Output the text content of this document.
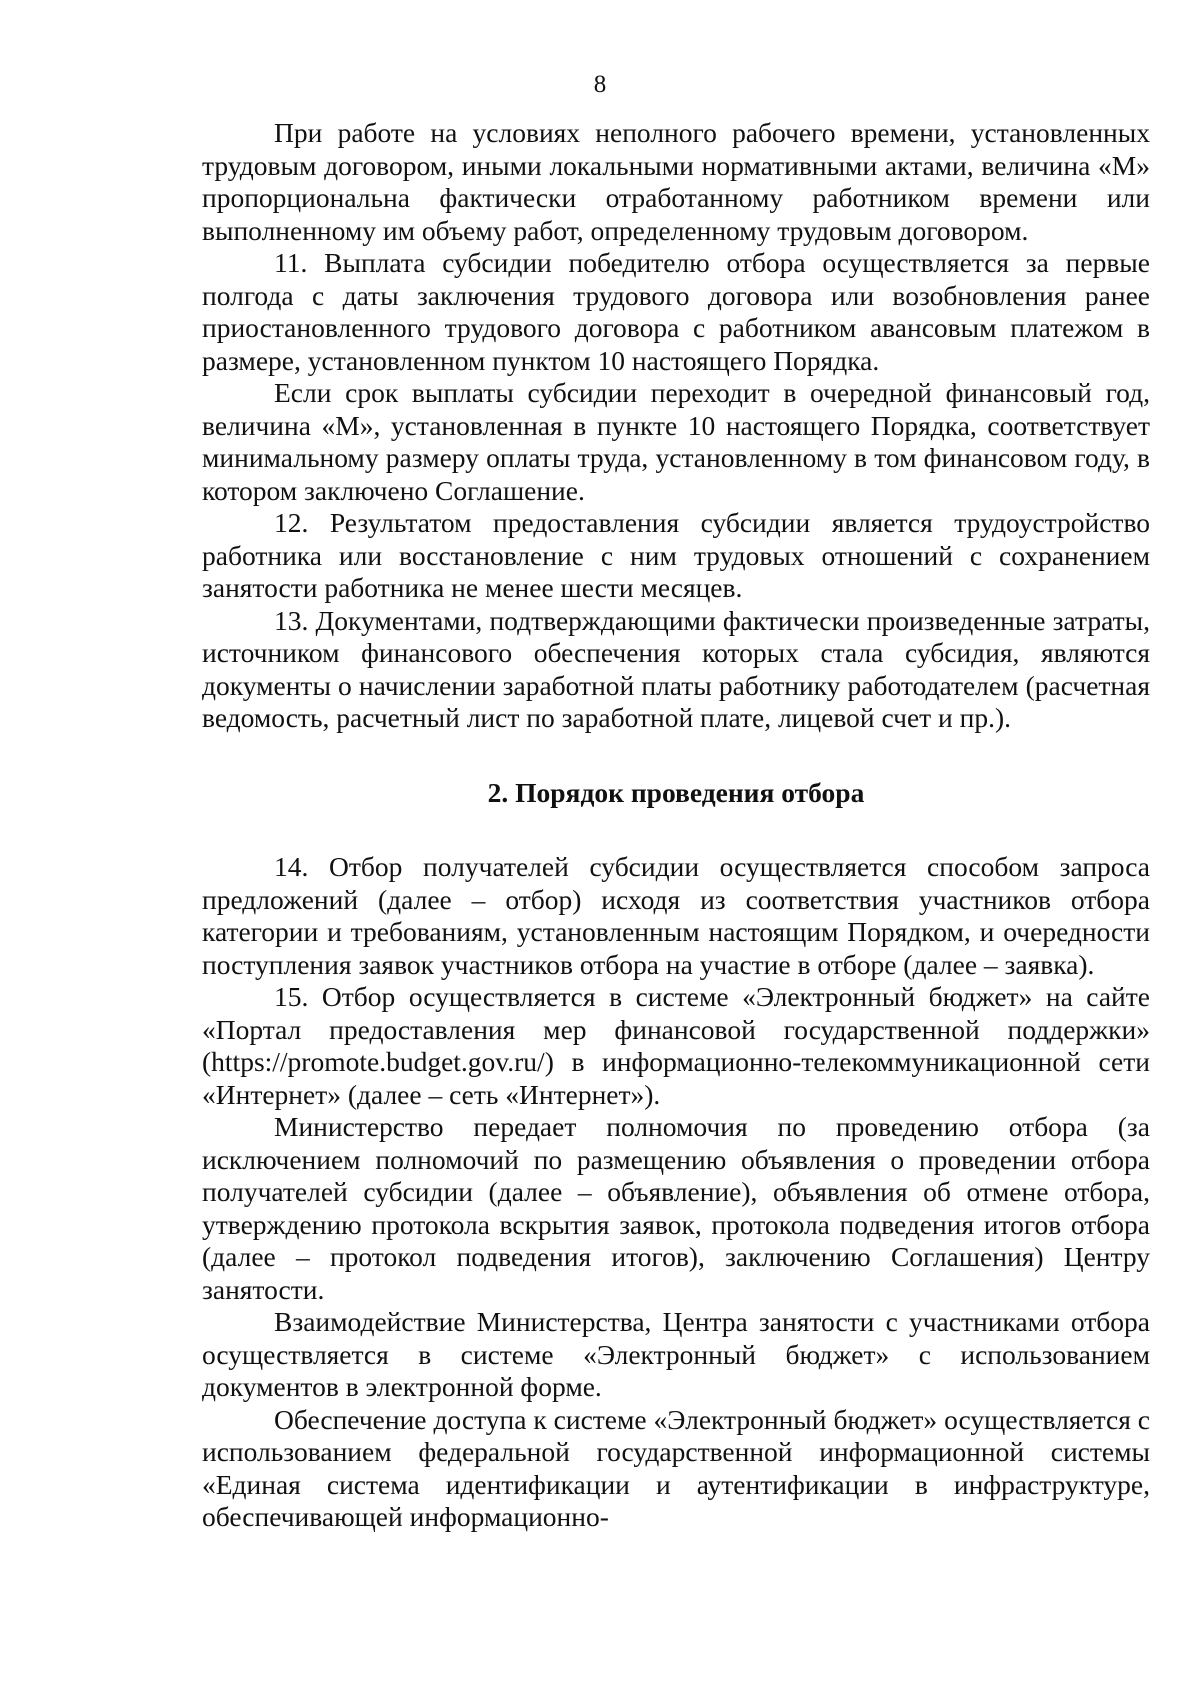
8

При работе на условиях неполного рабочего времени, установленных трудовым договором, иными локальными нормативными актами, величина «М» пропорциональна фактически отработанному работником времени или выполненному им объему работ, определенному трудовым договором.

11. Выплата субсидии победителю отбора осуществляется за первые полгода с даты заключения трудового договора или возобновления ранее приостановленного трудового договора с работником авансовым платежом в размере, установленном пунктом 10 настоящего Порядка.

Если срок выплаты субсидии переходит в очередной финансовый год, величина «М», установленная в пункте 10 настоящего Порядка, соответствует минимальному размеру оплаты труда, установленному в том финансовом году, в котором заключено Соглашение.

12. Результатом предоставления субсидии является трудоустройство работника или восстановление с ним трудовых отношений с сохранением занятости работника не менее шести месяцев.

13. Документами, подтверждающими фактически произведенные затраты, источником финансового обеспечения которых стала субсидия, являются документы о начислении заработной платы работнику работодателем (расчетная ведомость, расчетный лист по заработной плате, лицевой счет и пр.).

2. Порядок проведения отбора

14. Отбор получателей субсидии осуществляется способом запроса предложений (далее – отбор) исходя из соответствия участников отбора категории и требованиям, установленным настоящим Порядком, и очередности поступления заявок участников отбора на участие в отборе (далее – заявка).

15. Отбор осуществляется в системе «Электронный бюджет» на сайте «Портал предоставления мер финансовой государственной поддержки» (https://promote.budget.gov.ru/) в информационно-телекоммуникационной сети «Интернет» (далее – сеть «Интернет»).

Министерство передает полномочия по проведению отбора (за исключением полномочий по размещению объявления о проведении отбора получателей субсидии (далее – объявление), объявления об отмене отбора, утверждению протокола вскрытия заявок, протокола подведения итогов отбора (далее – протокол подведения итогов), заключению Соглашения) Центру занятости.

Взаимодействие Министерства, Центра занятости с участниками отбора осуществляется в системе «Электронный бюджет» с использованием документов в электронной форме.

Обеспечение доступа к системе «Электронный бюджет» осуществляется с использованием федеральной государственной информационной системы «Единая система идентификации и аутентификации в инфраструктуре, обеспечивающей информационно-
